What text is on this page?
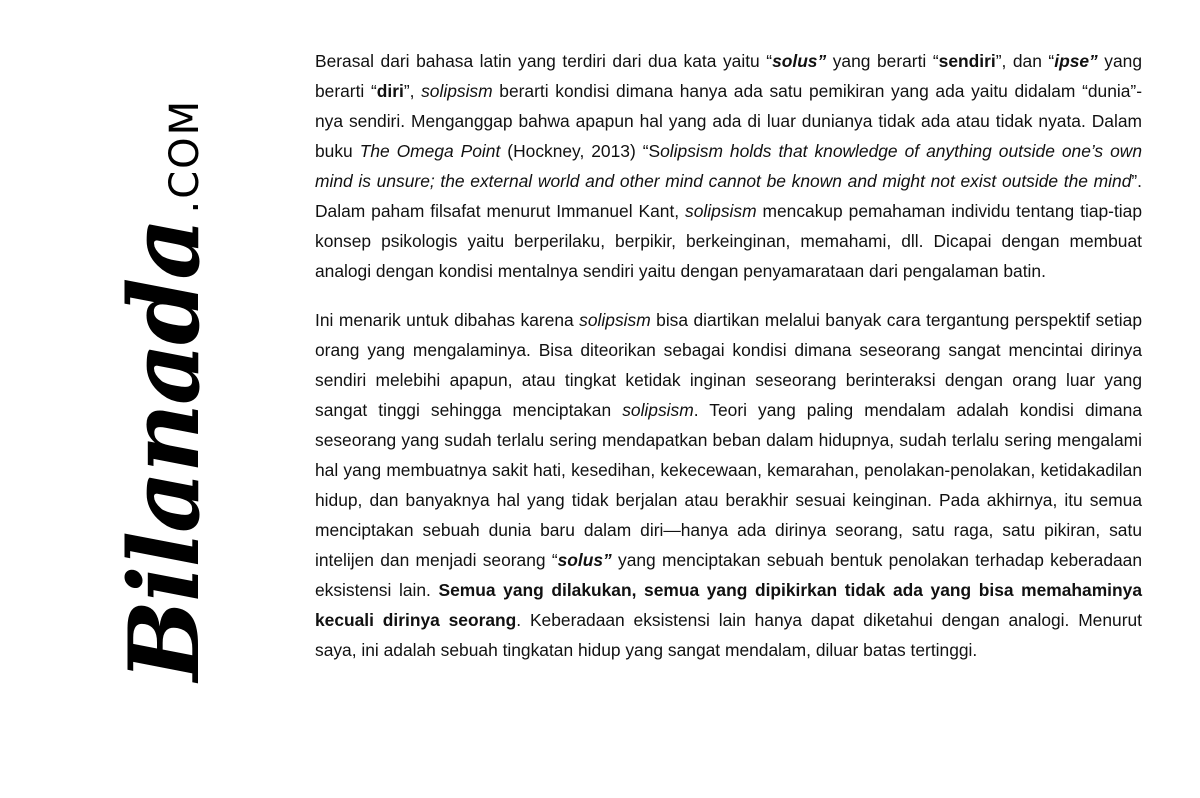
Bilanada
.COM

Berasal dari bahasa latin yang terdiri dari dua kata yaitu “solus” yang berarti “sendiri”, dan “ipse” yang berarti “diri”, solipsism berarti kondisi dimana hanya ada satu pemikiran yang ada yaitu didalam “dunia”-nya sendiri. Menganggap bahwa apapun hal yang ada di luar dunianya tidak ada atau tidak nyata. Dalam buku The Omega Point (Hockney, 2013) “Solipsism holds that knowledge of anything outside one’s own mind is unsure; the external world and other mind cannot be known and might not exist outside the mind”. Dalam paham filsafat menurut Immanuel Kant, solipsism mencakup pemahaman individu tentang tiap-tiap konsep psikologis yaitu berperilaku, berpikir, berkeinginan, memahami, dll. Dicapai dengan membuat analogi dengan kondisi mentalnya sendiri yaitu dengan penyamarataan dari pengalaman batin.

Ini menarik untuk dibahas karena solipsism bisa diartikan melalui banyak cara tergantung perspektif setiap orang yang mengalaminya. Bisa diteorikan sebagai kondisi dimana seseorang sangat mencintai dirinya sendiri melebihi apapun, atau tingkat ketidak inginan seseorang berinteraksi dengan orang luar yang sangat tinggi sehingga menciptakan solipsism. Teori yang paling mendalam adalah kondisi dimana seseorang yang sudah terlalu sering mendapatkan beban dalam hidupnya, sudah terlalu sering mengalami hal yang membuatnya sakit hati, kesedihan, kekecewaan, kemarahan, penolakan-penolakan, ketidakadilan hidup, dan banyaknya hal yang tidak berjalan atau berakhir sesuai keinginan. Pada akhirnya, itu semua menciptakan sebuah dunia baru dalam diri—hanya ada dirinya seorang, satu raga, satu pikiran, satu intelijen dan menjadi seorang “solus” yang menciptakan sebuah bentuk penolakan terhadap keberadaan eksistensi lain. Semua yang dilakukan, semua yang dipikirkan tidak ada yang bisa memahaminya kecuali dirinya seorang. Keberadaan eksistensi lain hanya dapat diketahui dengan analogi. Menurut saya, ini adalah sebuah tingkatan hidup yang sangat mendalam, diluar batas tertinggi.
